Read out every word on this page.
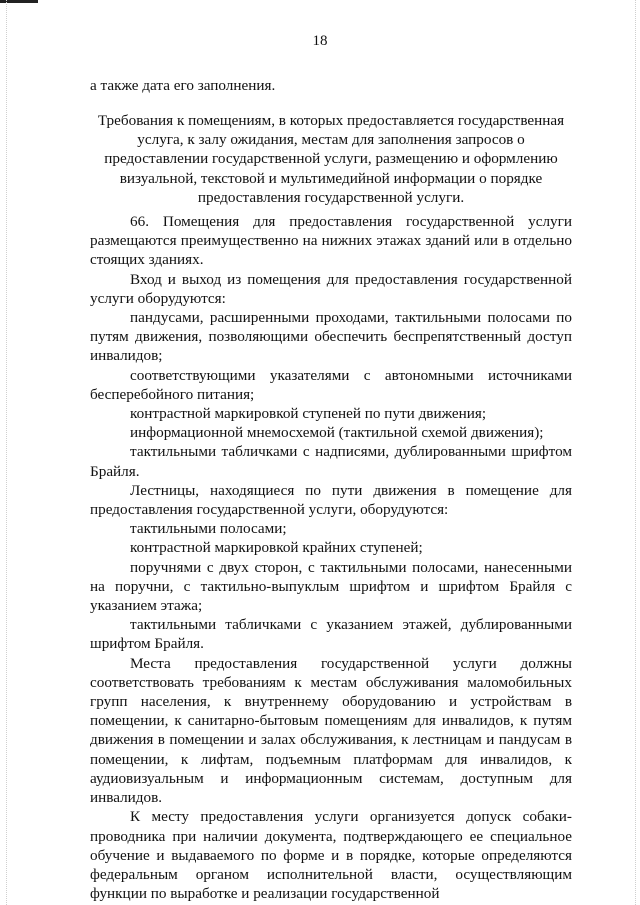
18
а также дата его заполнения.

Требования к помещениям, в которых предоставляется государственная

услуга, к залу ожидания, местам для заполнения запросов о

предоставлении государственной услуги, размещению и оформлению

визуальной, текстовой и мультимедийной информации о порядке

предоставления государственной услуги.

66. Помещения для предоставления государственной услуги размещаются преимущественно на нижних этажах зданий или в отдельно стоящих зданиях.

Вход и выход из помещения для предоставления государственной услуги оборудуются:

пандусами, расширенными проходами, тактильными полосами по путям движения, позволяющими обеспечить беспрепятственный доступ инвалидов;

соответствующими указателями с автономными источниками бесперебойного питания;

контрастной маркировкой ступеней по пути движения;

информационной мнемосхемой (тактильной схемой движения);

тактильными табличками с надписями, дублированными шрифтом Брайля.

Лестницы, находящиеся по пути движения в помещение для предоставления государственной услуги, оборудуются:

тактильными полосами;

контрастной маркировкой крайних ступеней;

поручнями с двух сторон, с тактильными полосами, нанесенными на поручни, с тактильно-выпуклым шрифтом и шрифтом Брайля с указанием этажа;

тактильными табличками с указанием этажей, дублированными шрифтом Брайля.

Места предоставления государственной услуги должны соответствовать требованиям к местам обслуживания маломобильных групп населения, к внутреннему оборудованию и устройствам в помещении, к санитарно-бытовым помещениям для инвалидов, к путям движения в помещении и залах обслуживания, к лестницам и пандусам в помещении, к лифтам, подъемным платформам для инвалидов, к аудиовизуальным и информационным системам, доступным для инвалидов.

К месту предоставления услуги организуется допуск собаки-проводника при наличии документа, подтверждающего ее специальное обучение и выдаваемого по форме и в порядке, которые определяются федеральным органом исполнительной власти, осуществляющим функции по выработке и реализации государственной
